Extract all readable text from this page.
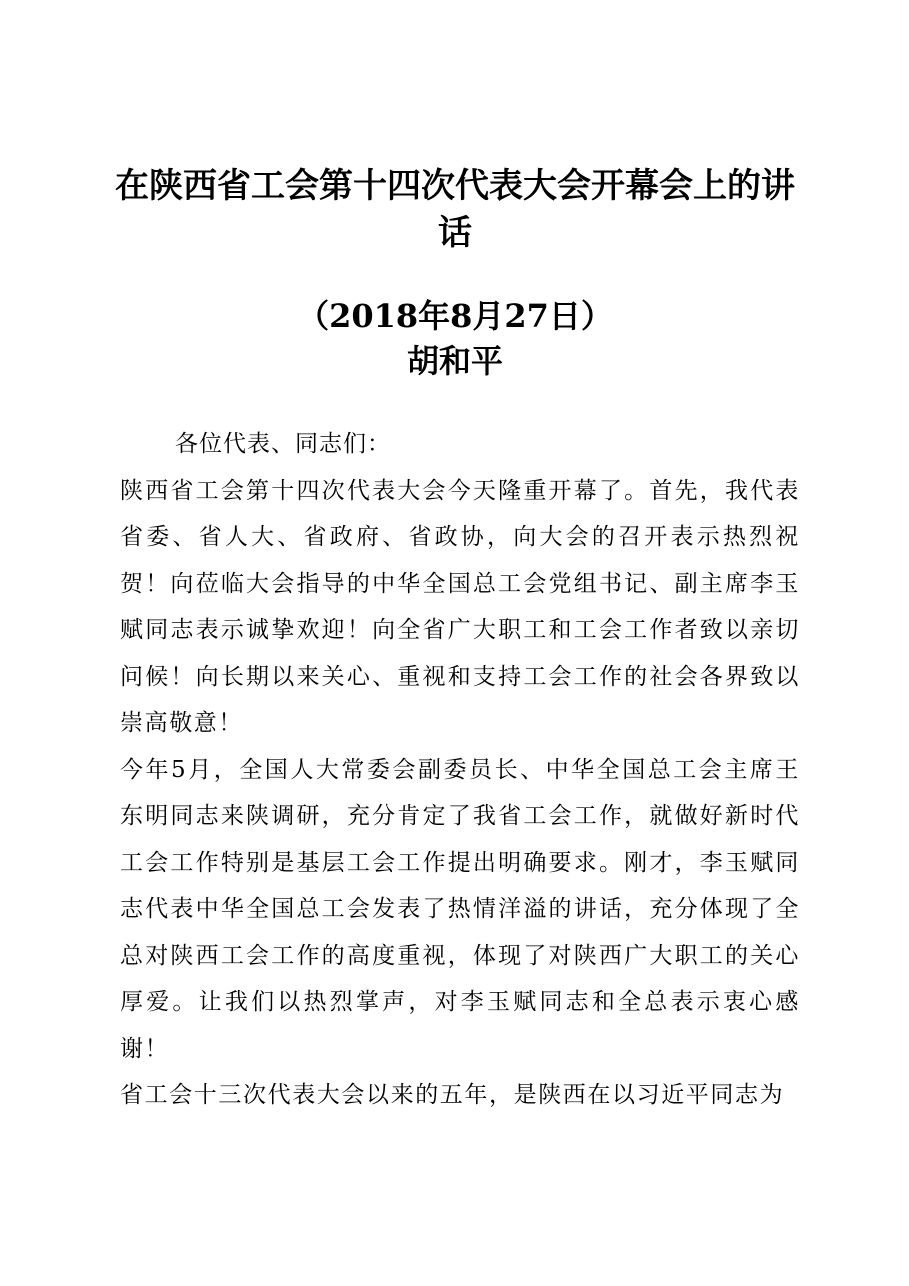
在陕西省工会第十四次代表大会开幕会上的讲话

（2018年8月27日）

胡和平

各位代表、同志们：

陕西省工会第十四次代表大会今天隆重开幕了。首先，我代表省委、省人大、省政府、省政协，向大会的召开表示热烈祝贺！向莅临大会指导的中华全国总工会党组书记、副主席李玉赋同志表示诚挚欢迎！向全省广大职工和工会工作者致以亲切问候！向长期以来关心、重视和支持工会工作的社会各界致以崇高敬意！

今年5月，全国人大常委会副委员长、中华全国总工会主席王东明同志来陕调研，充分肯定了我省工会工作，就做好新时代工会工作特别是基层工会工作提出明确要求。刚才，李玉赋同志代表中华全国总工会发表了热情洋溢的讲话，充分体现了全总对陕西工会工作的高度重视，体现了对陕西广大职工的关心厚爱。让我们以热烈掌声，对李玉赋同志和全总表示衷心感谢！

省工会十三次代表大会以来的五年，是陕西在以习近平同志为
